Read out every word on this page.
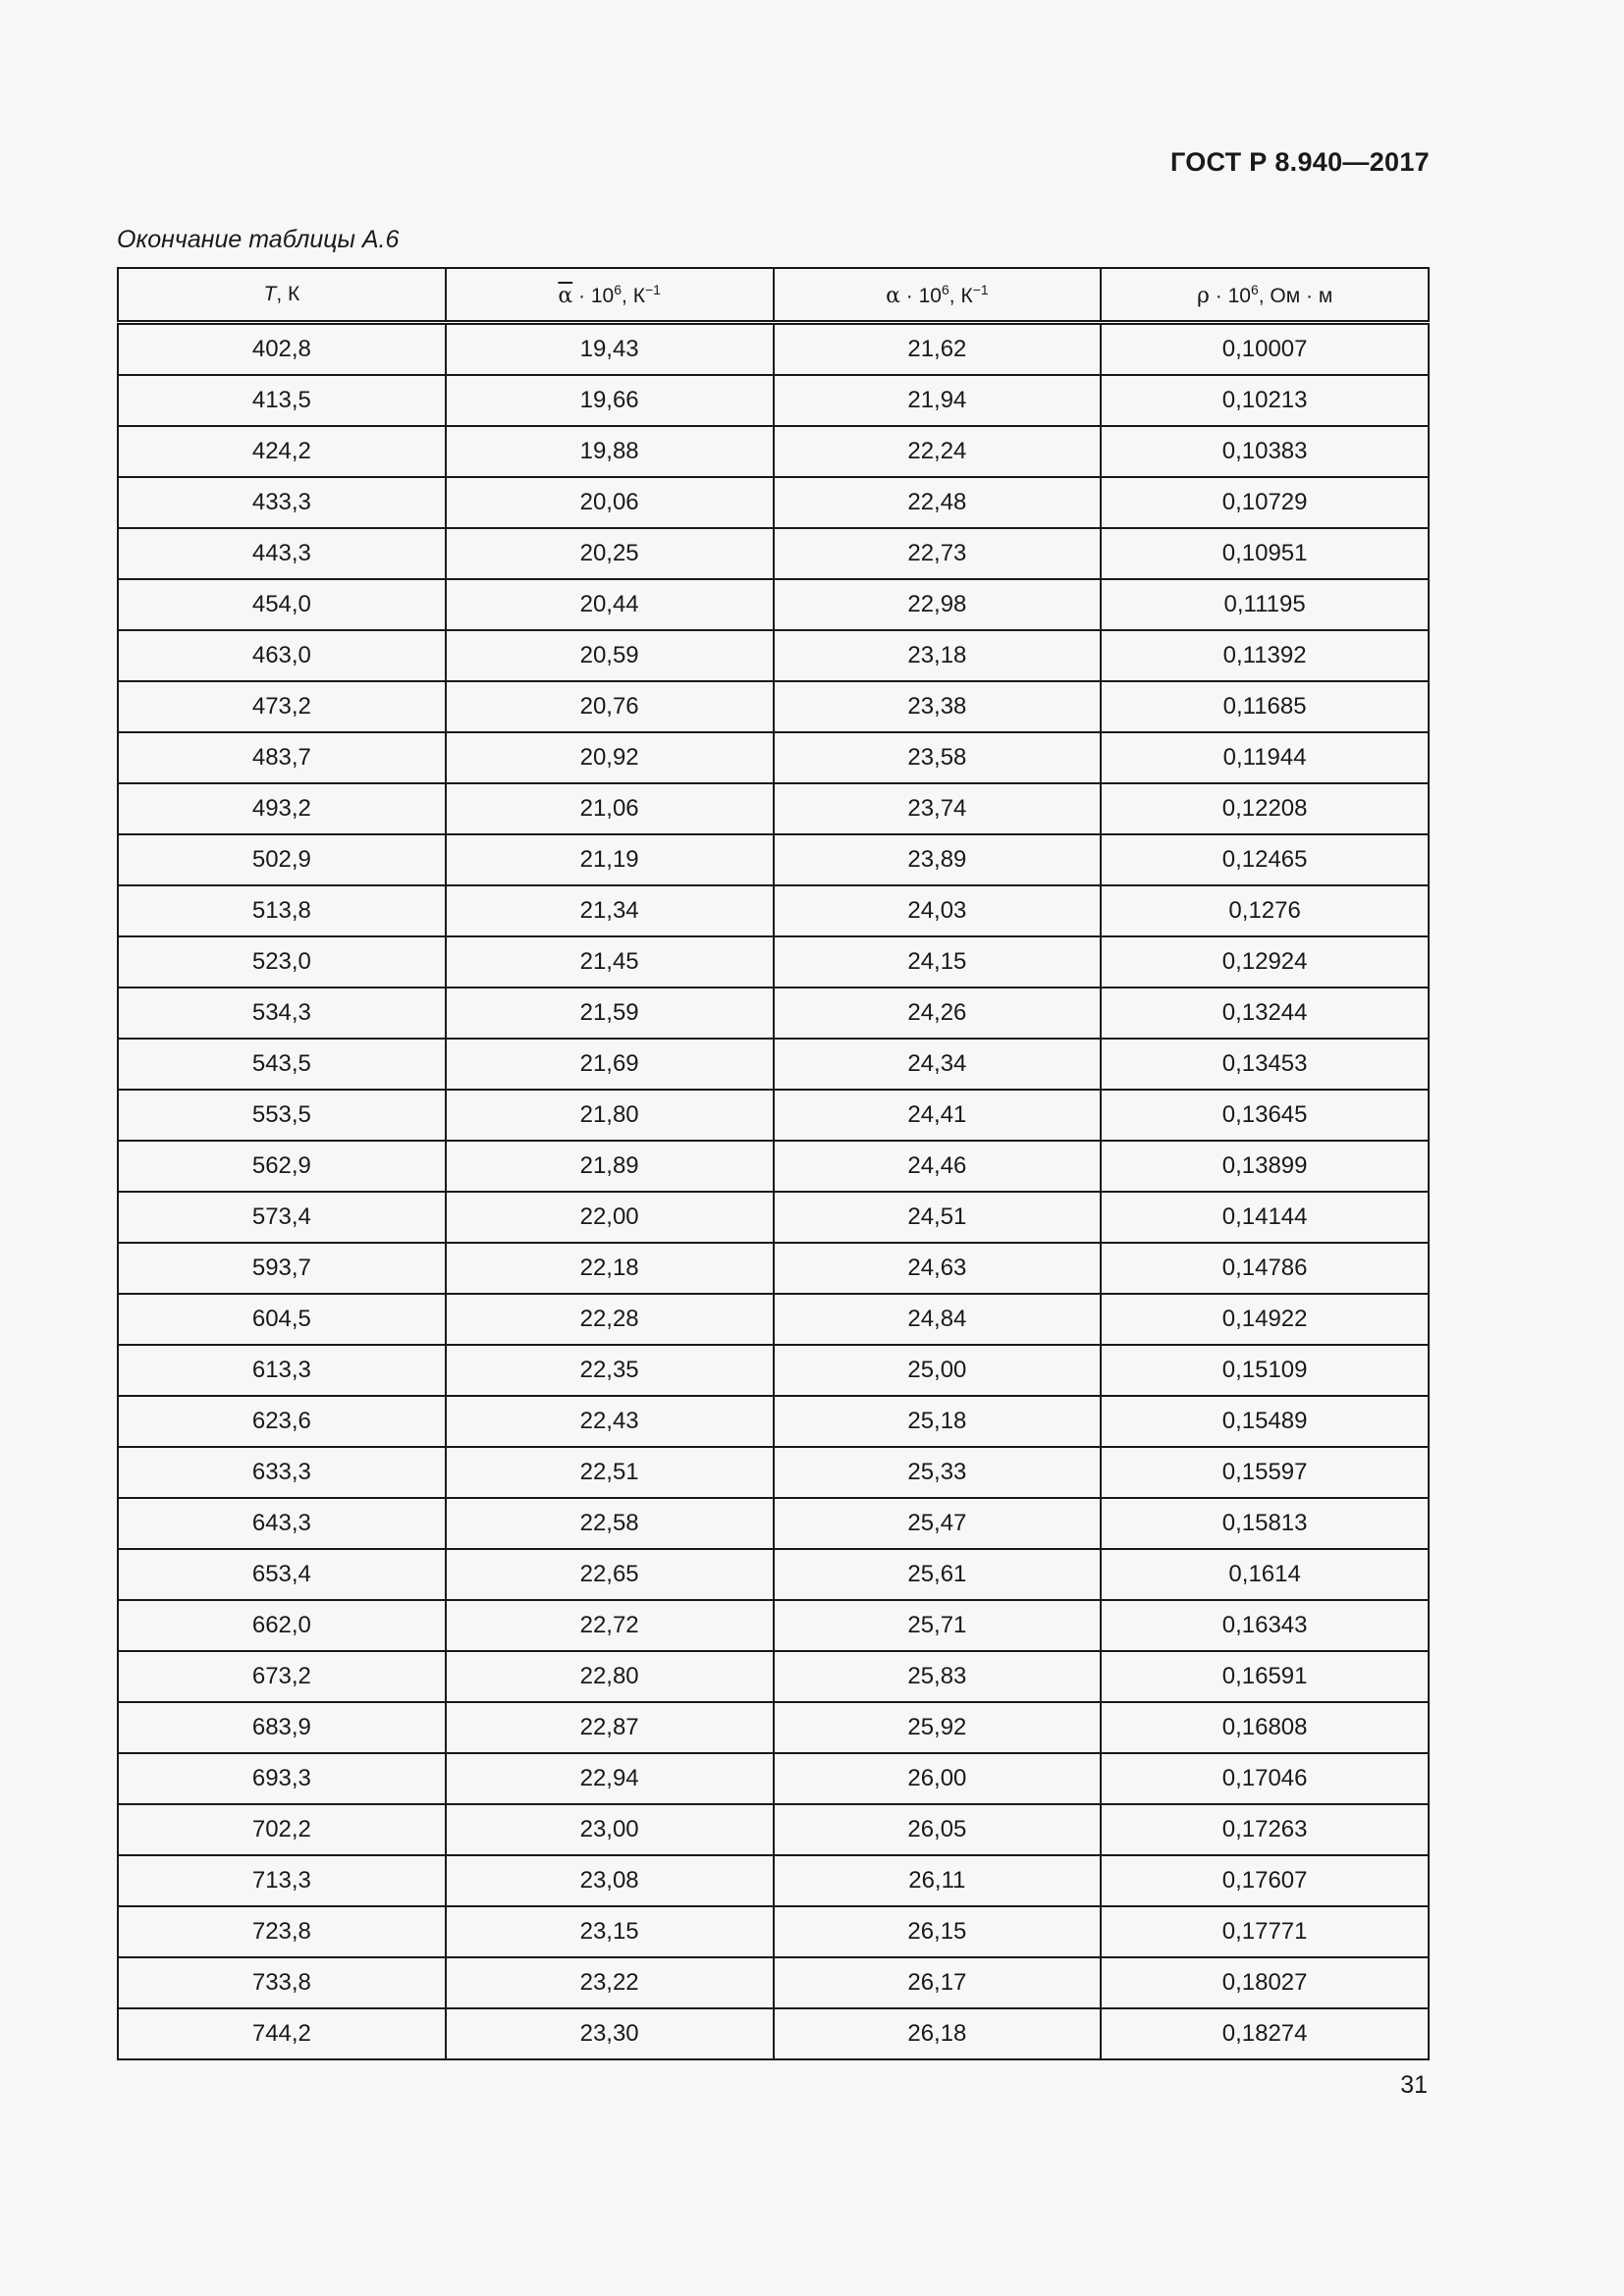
ГОСТ Р 8.940—2017
Окончание таблицы А.6
T, К	$\overline{\alpha} \cdot 10^6$, $К^{-1}$	$\alpha \cdot 10^6$, $К^{-1}$	$\rho \cdot 10^6$, Ом · м
402,8	19,43	21,62	0,10007
413,5	19,66	21,94	0,10213
424,2	19,88	22,24	0,10383
433,3	20,06	22,48	0,10729
443,3	20,25	22,73	0,10951
454,0	20,44	22,98	0,11195
463,0	20,59	23,18	0,11392
473,2	20,76	23,38	0,11685
483,7	20,92	23,58	0,11944
493,2	21,06	23,74	0,12208
502,9	21,19	23,89	0,12465
513,8	21,34	24,03	0,1276
523,0	21,45	24,15	0,12924
534,3	21,59	24,26	0,13244
543,5	21,69	24,34	0,13453
553,5	21,80	24,41	0,13645
562,9	21,89	24,46	0,13899
573,4	22,00	24,51	0,14144
593,7	22,18	24,63	0,14786
604,5	22,28	24,84	0,14922
613,3	22,35	25,00	0,15109
623,6	22,43	25,18	0,15489
633,3	22,51	25,33	0,15597
643,3	22,58	25,47	0,15813
653,4	22,65	25,61	0,1614
662,0	22,72	25,71	0,16343
673,2	22,80	25,83	0,16591
683,9	22,87	25,92	0,16808
693,3	22,94	26,00	0,17046
702,2	23,00	26,05	0,17263
713,3	23,08	26,11	0,17607
723,8	23,15	26,15	0,17771
733,8	23,22	26,17	0,18027
744,2	23,30	26,18	0,18274
31
